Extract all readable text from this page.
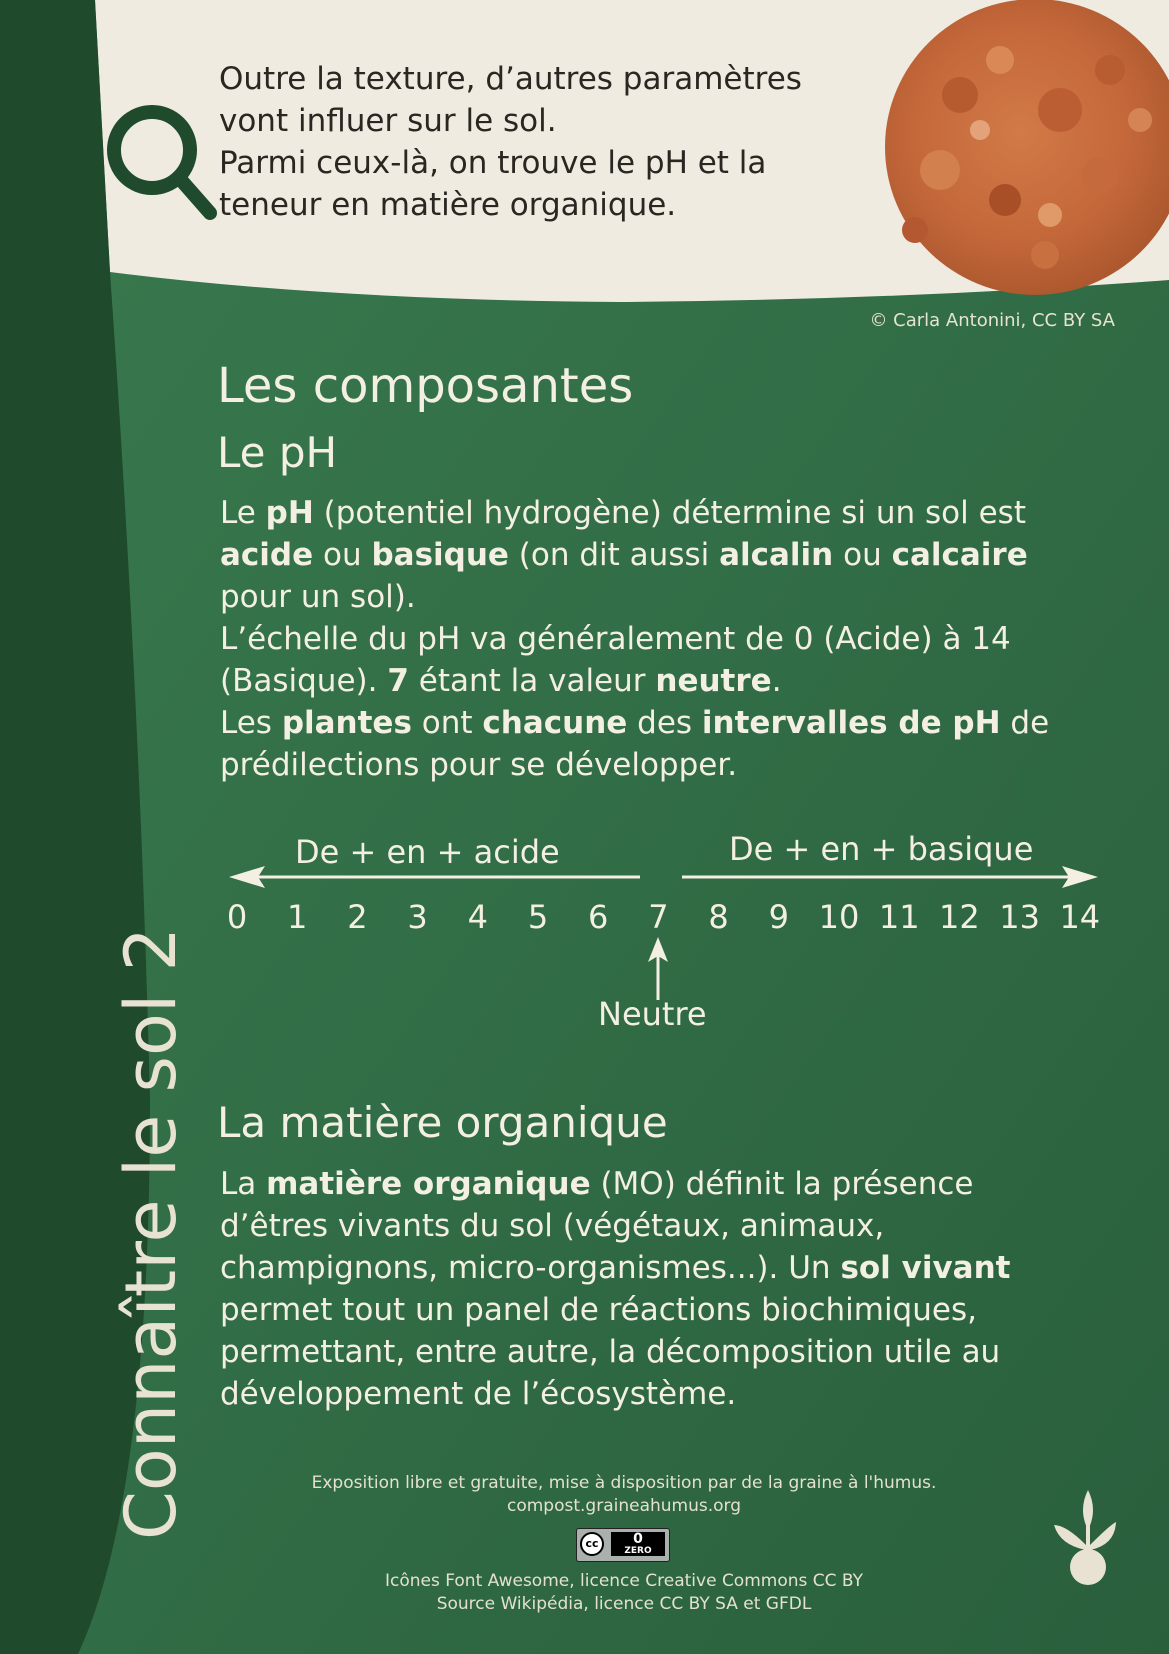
Outre la texture, d’autres paramètres
vont influer sur le sol.
Parmi ceux-là, on trouve le pH et la
teneur en matière organique.

© Carla Antonini, CC BY SA
Les composantes
Le pH
Le pH (potentiel hydrogène) détermine si un sol est
acide ou basique (on dit aussi alcalin ou calcaire
pour un sol).
L’échelle du pH va généralement de 0 (Acide) à 14
(Basique). 7 étant la valeur neutre.
Les plantes ont chacune des intervalles de pH de
prédilections pour se développer.
De + en + acide	De + en + basique
0	1	2	3	4	5	6	7	8	9 10 11 12 13 14
Neutre
La matière organique
La matière organique (MO) définit la présence
d’êtres vivants du sol (végétaux, animaux,
champignons, micro-organismes...). Un sol vivant
permet tout un panel de réactions biochimiques,
permettant, entre autre, la décomposition utile au
développement de l’écosystème.
Exposition libre et gratuite, mise à disposition par de la graine à l'humus.
compost.graineahumus.org
cc	0
ZERO
Icônes Font Awesome, licence Creative Commons CC BY
Source Wikipédia, licence CC BY SA et GFDL
Connaître le sol 2
